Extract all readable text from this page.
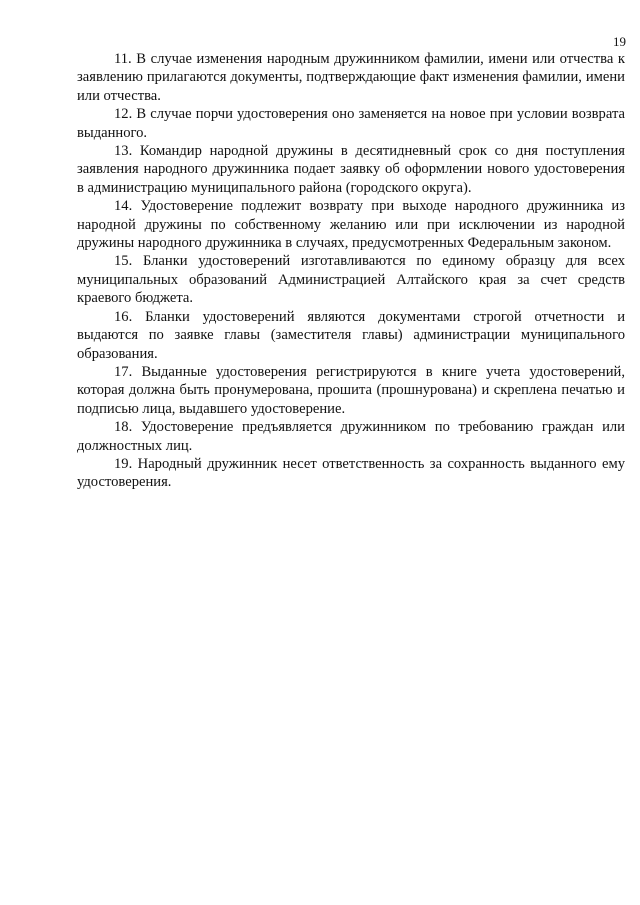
19

11. В случае изменения народным дружинником фамилии, имени или отчества к заявлению прилагаются документы, подтверждающие факт изменения фамилии, имени или отчества.

12. В случае порчи удостоверения оно заменяется на новое при условии возврата выданного.

13. Командир народной дружины в десятидневный срок со дня поступления заявления народного дружинника подает заявку об оформлении нового удостоверения в администрацию муниципального района (городского округа).

14. Удостоверение подлежит возврату при выходе народного дружинника из народной дружины по собственному желанию или при исключении из народной дружины народного дружинника в случаях, предусмотренных Федеральным законом.

15. Бланки удостоверений изготавливаются по единому образцу для всех муниципальных образований Администрацией Алтайского края за счет средств краевого бюджета.

16. Бланки удостоверений являются документами строгой отчетности и выдаются по заявке главы (заместителя главы) администрации муниципального образования.

17. Выданные удостоверения регистрируются в книге учета удостоверений, которая должна быть пронумерована, прошита (прошнурована) и скреплена печатью и подписью лица, выдавшего удостоверение.

18. Удостоверение предъявляется дружинником по требованию граждан или должностных лиц.

19. Народный дружинник несет ответственность за сохранность выданного ему удостоверения.
